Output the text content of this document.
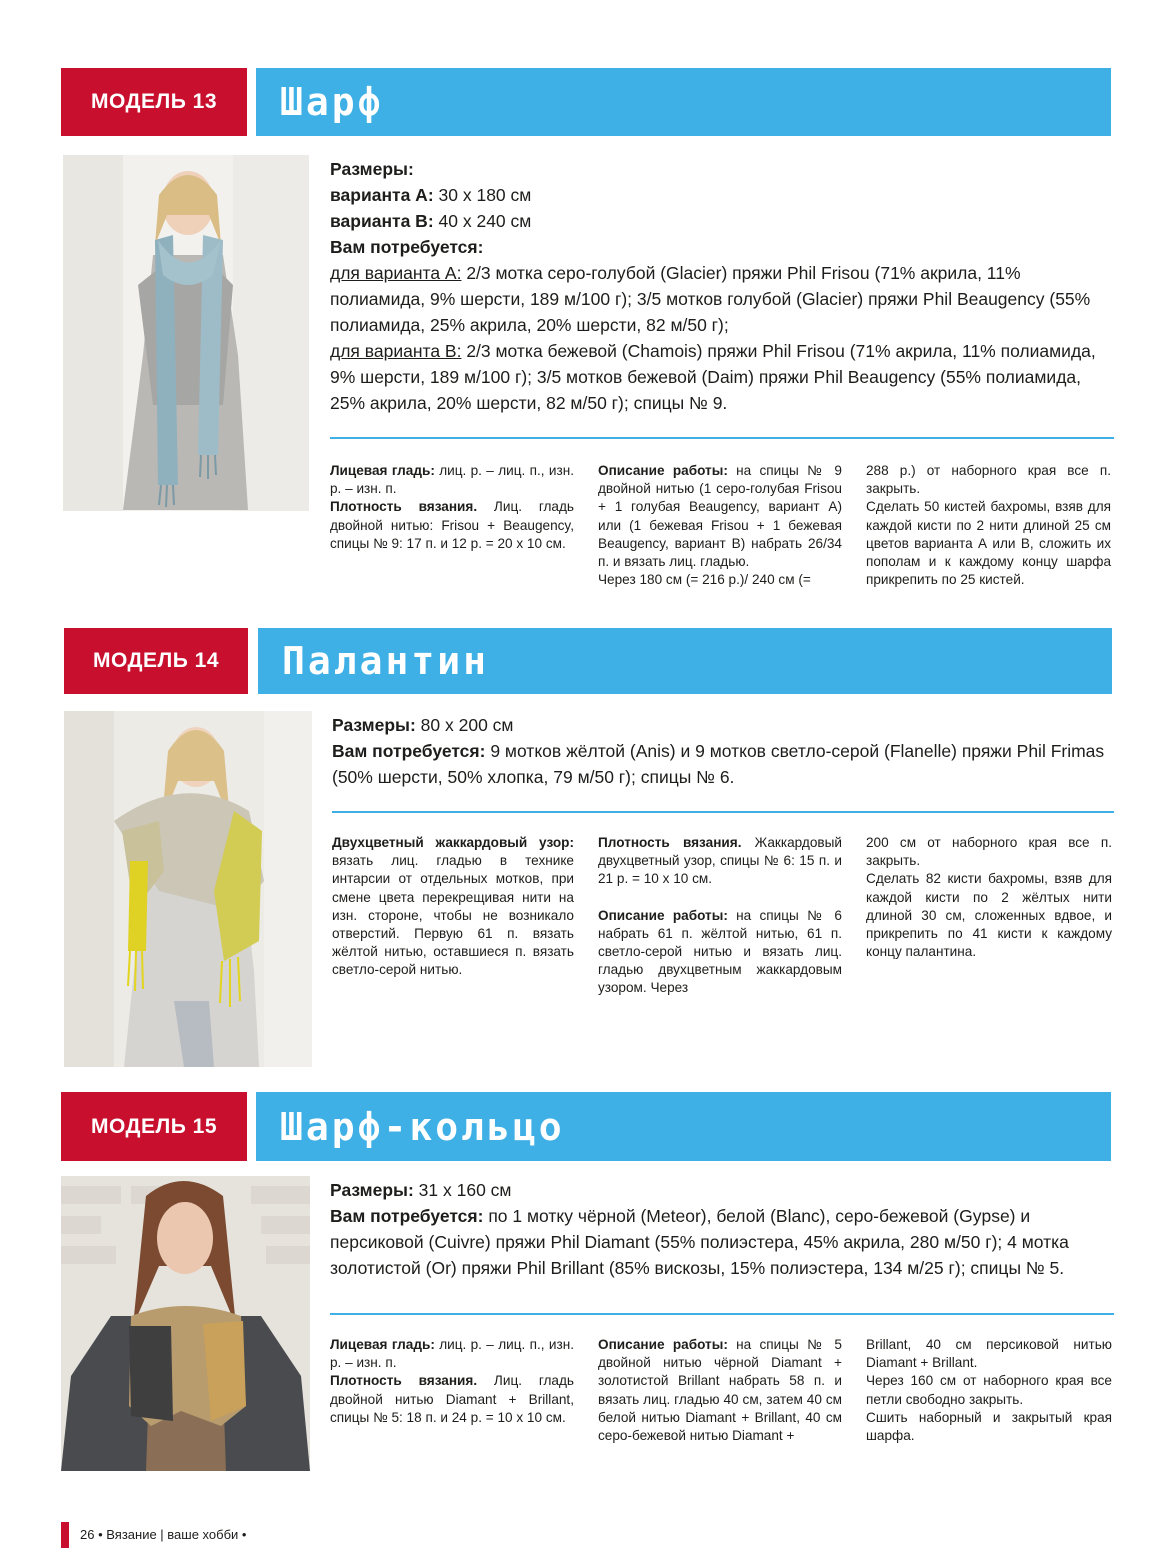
МОДЕЛЬ 13	Шарф
Размеры:
варианта А: 30 х 180 см
варианта В: 40 х 240 см
Вам потребуется:
для варианта А: 2/3 мотка серо-голубой (Glacier) пряжи Phil Frisou (71% акрила, 11% полиамида, 9% шерсти, 189 м/100 г); 3/5 мотков голубой (Glacier) пряжи Phil Beaugency (55% полиамида, 25% акрила, 20% шерсти, 82 м/50 г);
для варианта В: 2/3 мотка бежевой (Chamois) пряжи Phil Frisou (71% акрила, 11% полиамида, 9% шерсти, 189 м/100 г); 3/5 мотков бежевой (Daim) пряжи Phil Beaugency (55% полиамида, 25% акрила, 20% шерсти, 82 м/50 г); спицы № 9.

Лицевая гладь: лиц. р. – лиц. п., изн. р. – изн. п.

Плотность вязания. Лиц. гладь двойной нитью: Frisou + Beaugency, спицы № 9: 17 п. и 12 р. = 20 х 10 см.

Описание работы: на спицы № 9 двойной нитью (1 серо-голубая Frisou + 1 голубая Beaugency, вариант А) или (1 бежевая Frisou + 1 бежевая Beaugency, вариант В) набрать 26/34 п. и вязать лиц. гладью.

Через 180 см (= 216 р.)/ 240 см (=

288 р.) от наборного края все п. закрыть.

Сделать 50 кистей бахромы, взяв для каждой кисти по 2 нити длиной 25 см цветов варианта А или В, сложить их пополам и к каждому концу шарфа прикрепить по 25 кистей.

МОДЕЛЬ 14	Палантин
Размеры: 80 х 200 см
Вам потребуется: 9 мотков жёлтой (Anis) и 9 мотков светло-серой (Flanelle) пряжи Phil Frimas (50% шерсти, 50% хлопка, 79 м/50 г); спицы № 6.

Двухцветный жаккардовый узор: вязать лиц. гладью в технике интарсии от отдельных мотков, при смене цвета перекрещивая нити на изн. стороне, чтобы не возникало отверстий. Первую 61 п. вязать жёлтой нитью, оставшиеся п. вязать светло-серой нитью.

Плотность вязания. Жаккардовый двухцветный узор, спицы № 6: 15 п. и 21 р. = 10 х 10 см.

Описание работы: на спицы № 6 набрать 61 п. жёлтой нитью, 61 п. светло-серой нитью и вязать лиц. гладью двухцветным жаккардовым узором. Через

200 см от наборного края все п. закрыть.

Сделать 82 кисти бахромы, взяв для каждой кисти по 2 жёлтых нити длиной 30 см, сложенных вдвое, и прикрепить по 41 кисти к каждому концу палантина.

МОДЕЛЬ 15	Шарф-кольцо
Размеры: 31 х 160 см
Вам потребуется: по 1 мотку чёрной (Meteor), белой (Blanc), серо-бежевой (Gypse) и персиковой (Cuivre) пряжи Phil Diamant (55% полиэстера, 45% акрила, 280 м/50 г); 4 мотка золотистой (Or) пряжи Phil Brillant (85% вискозы, 15% полиэстера, 134 м/25 г); спицы № 5.

Лицевая гладь: лиц. р. – лиц. п., изн. р. – изн. п.

Плотность вязания. Лиц. гладь двойной нитью Diamant + Brillant, спицы № 5: 18 п. и 24 р. = 10 х 10 см.

Описание работы: на спицы № 5 двойной нитью чёрной Diamant + золотистой Brillant набрать 58 п. и вязать лиц. гладью 40 см, затем 40 см белой нитью Diamant + Brillant, 40 см серо-бежевой нитью Diamant +

Brillant, 40 см персиковой нитью Diamant + Brillant.

Через 160 см от наборного края все петли свободно закрыть.

Сшить наборный и закрытый края шарфа.

26 • Вязание | ваше хобби •
